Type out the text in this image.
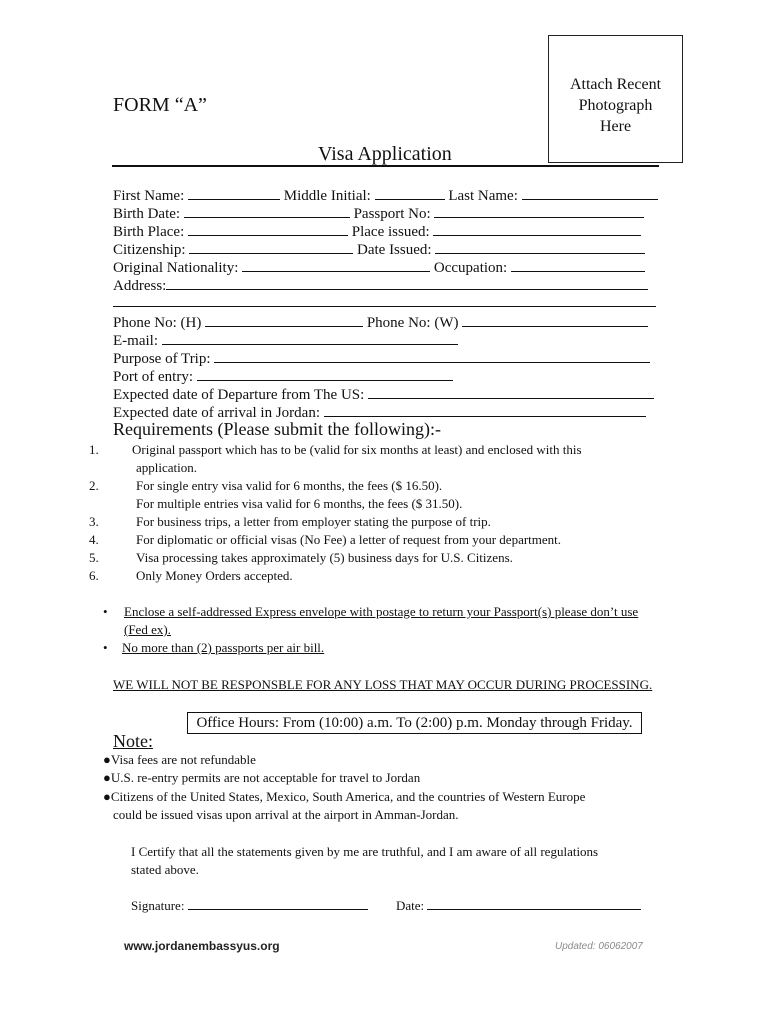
Attach Recent
Photograph
Here
FORM “A”
Visa Application
First Name:	Middle Initial:	Last Name:
Birth Date:	Passport No:
Birth Place:	Place issued:
Citizenship:	Date Issued:
Original Nationality:	Occupation:
Address:
Phone No: (H)	Phone No: (W)
E-mail:
Purpose of Trip:
Port of entry:
Expected date of Departure from The US:
Expected date of arrival in Jordan:
Requirements (Please submit the following):-
1.	Original passport which has to be (valid for six months at least) and enclosed with this
application.
2.	For single entry visa valid for 6 months, the fees ($ 16.50).
For multiple entries visa valid for 6 months, the fees ($ 31.50).
3.	For business trips, a letter from employer stating the purpose of trip.
4.	For diplomatic or official visas (No Fee) a letter of request from your department.
5.	Visa processing takes approximately (5) business days for U.S. Citizens.
6.	Only Money Orders accepted.
• Enclose a self-addressed Express envelope with postage to return your Passport(s) please don’t use
(Fed ex).
• No more than (2) passports per air bill.
WE WILL NOT BE RESPONSBLE FOR ANY LOSS THAT MAY OCCUR DURING PROCESSING.
Office Hours: From (10:00) a.m. To (2:00) p.m. Monday through Friday.
Note:
●Visa fees are not refundable
●U.S. re-entry permits are not acceptable for travel to Jordan
●Citizens of the United States, Mexico, South America, and the countries of Western Europe
could be issued visas upon arrival at the airport in Amman-Jordan.
I Certify that all the statements given by me are truthful, and I am aware of all regulations
stated above.
Signature:	Date:
www.jordanembassyus.org	Updated: 06062007
